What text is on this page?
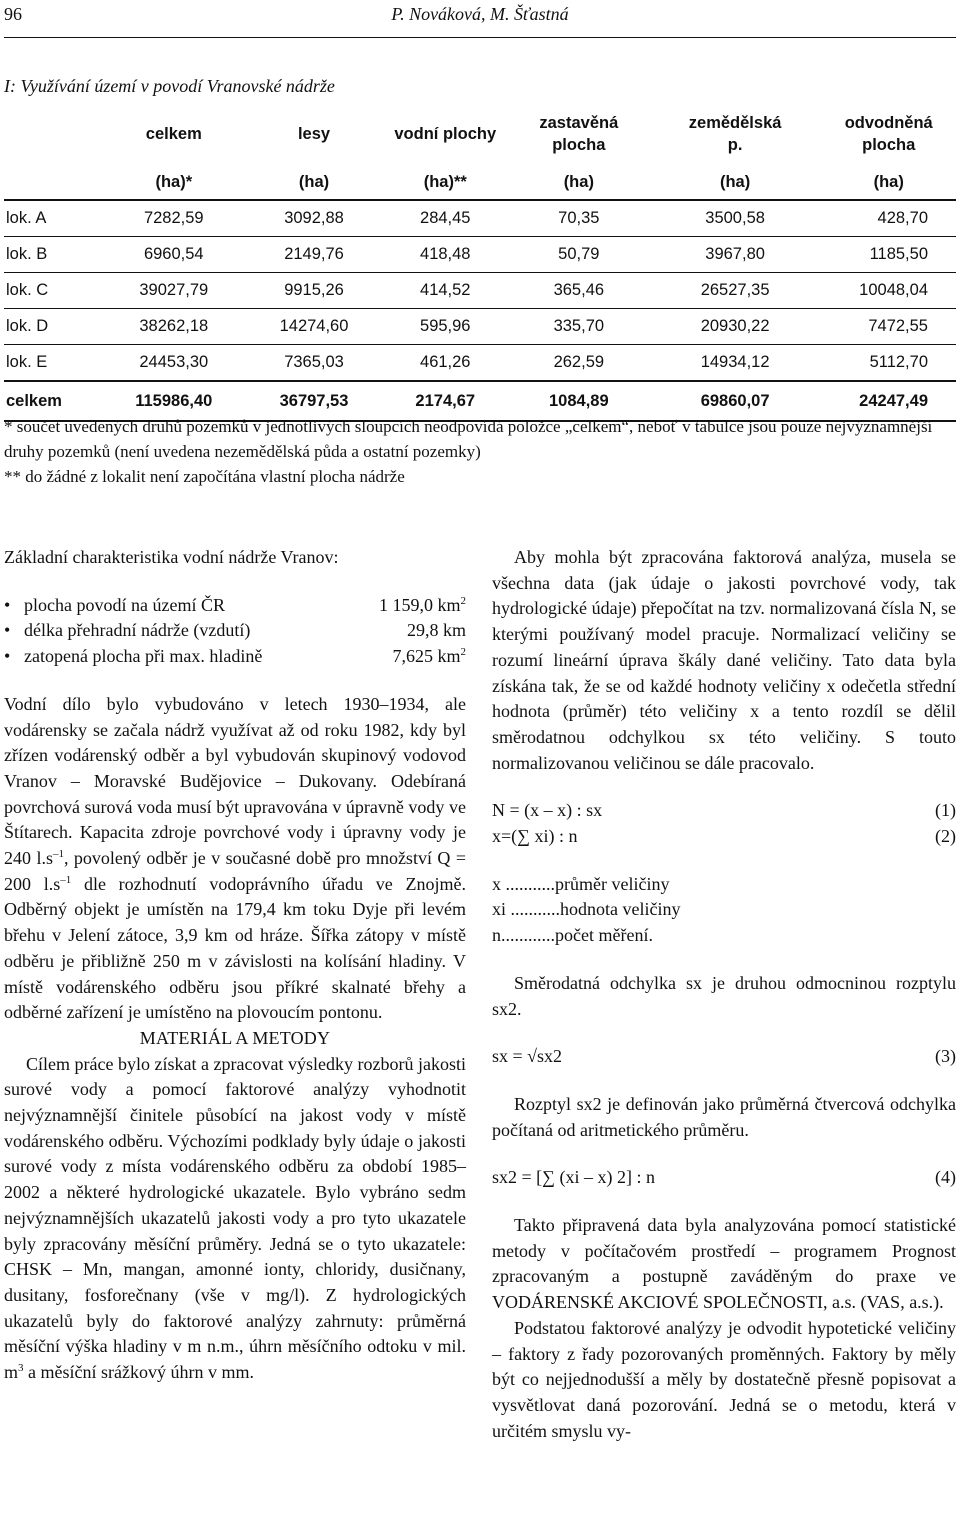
96	P. Nováková, M. Šťastná
I: Využívání území v povodí Vranovské nádrže
	celkem	lesy	vodní plochy	zastavěná plocha	zemědělská p.	odvodněná plocha
	(ha)*	(ha)	(ha)**	(ha)	(ha)	(ha)
lok. A	7282,59	3092,88	284,45	70,35	3500,58	428,70
lok. B	6960,54	2149,76	418,48	50,79	3967,80	1185,50
lok. C	39027,79	9915,26	414,52	365,46	26527,35	10048,04
lok. D	38262,18	14274,60	595,96	335,70	20930,22	7472,55
lok. E	24453,30	7365,03	461,26	262,59	14934,12	5112,70
celkem	115986,40	36797,53	2174,67	1084,89	69860,07	24247,49

* součet uvedených druhů pozemků v jednotlivých sloupcích neodpovídá položce „celkem“, neboť v tabulce jsou pouze nejvýznamnější druhy pozemků (není uvedena nezemědělská půda a ostatní pozemky)

** do žádné z lokalit není započítána vlastní plocha nádrže

Základní charakteristika vodní nádrže Vranov:

• plocha povodí na území ČR	1 159,0 $km^2$
• délka přehradní nádrže (vzdutí)	29,8 km
• zatopená plocha při max. hladině	7,625 $km^2$

Vodní dílo bylo vybudováno v letech 1930–1934, ale vodárensky se začala nádrž využívat až od roku 1982, kdy byl zřízen vodárenský odběr a byl vybudován skupinový vodovod Vranov – Moravské Budějovice – Dukovany. Odebíraná povrchová surová voda musí být upravována v úpravně vody ve Štítarech. Kapacita zdroje povrchové vody i úpravny vody je 240 $l.s^{-1}$, povolený odběr je v současné době pro množství Q = 200 $l.s^{-1}$ dle rozhodnutí vodoprávního úřadu ve Znojmě. Odběrný objekt je umístěn na 179,4 km toku Dyje při levém břehu v Jelení zátoce, 3,9 km od hráze. Šířka zátopy v místě odběru je přibližně 250 m v závislosti na kolísání hladiny. V místě vodárenského odběru jsou příkré skalnaté břehy a odběrné zařízení je umístěno na plovoucím pontonu.

MATERIÁL A METODY

Cílem práce bylo získat a zpracovat výsledky rozborů jakosti surové vody a pomocí faktorové analýzy vyhodnotit nejvýznamnější činitele působící na jakost vody v místě vodárenského odběru. Výchozími podklady byly údaje o jakosti surové vody z místa vodárenského odběru za období 1985–2002 a některé hydrologické ukazatele. Bylo vybráno sedm nejvýznamnějších ukazatelů jakosti vody a pro tyto ukazatele byly zpracovány měsíční průměry. Jedná se o tyto ukazatele: CHSK – Mn, mangan, amonné ionty, chloridy, dusičnany, dusitany, fosforečnany (vše v mg/l). Z hydrologických ukazatelů byly do faktorové analýzy zahrnuty: průměrná měsíční výška hladiny v m n.m., úhrn měsíčního odtoku v mil. $m^3$ a měsíční srážkový úhrn v mm.

Aby mohla být zpracována faktorová analýza, musela se všechna data (jak údaje o jakosti povrchové vody, tak hydrologické údaje) přepočítat na tzv. normalizovaná čísla N, se kterými používaný model pracuje. Normalizací veličiny se rozumí lineární úprava škály dané veličiny. Tato data byla získána tak, že se od každé hodnoty veličiny x odečetla střední hodnota (průměr) této veličiny x a tento rozdíl se dělil směrodatnou odchylkou sx této veličiny. S touto normalizovanou veličinou se dále pracovalo.

N = (x – x) : sx	(1)
x=(∑ xi) : n	(2)

x ...........průměr veličiny

xi ...........hodnota veličiny

n............počet měření.

Směrodatná odchylka sx je druhou odmocninou rozptylu sx2.

sx = √sx2	(3)

Rozptyl sx2 je definován jako průměrná čtvercová odchylka počítaná od aritmetického průměru.

sx2 = [∑ (xi – x) 2] : n	(4)

Takto připravená data byla analyzována pomocí statistické metody v počítačovém prostředí – programem Prognost zpracovaným a postupně zaváděným do praxe ve VODÁRENSKÉ AKCIOVÉ SPOLEČNOSTI, a.s. (VAS, a.s.).

Podstatou faktorové analýzy je odvodit hypotetické veličiny – faktory z řady pozorovaných proměnných. Faktory by měly být co nejjednodušší a měly by dostatečně přesně popisovat a vysvětlovat daná pozorování. Jedná se o metodu, která v určitém smyslu vy-
